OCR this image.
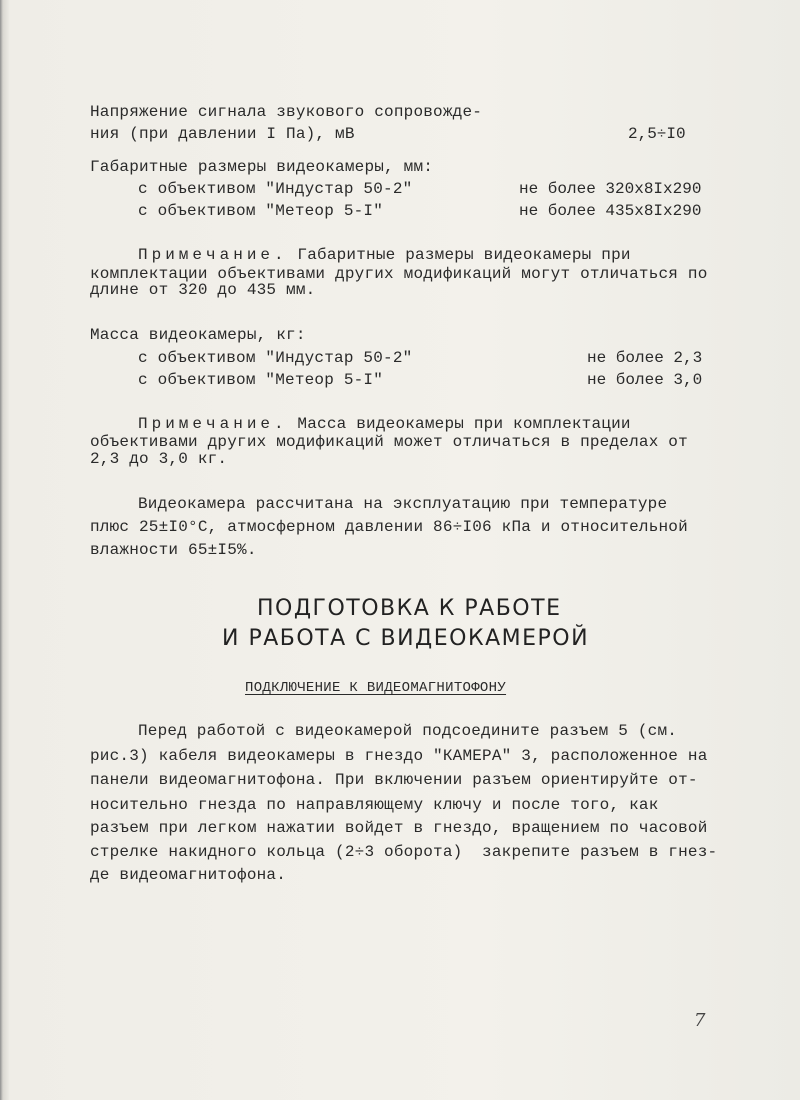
Напряжение сигнала звукового сопровожде-
ния (при давлении I Па), мВ	2,5÷I0
Габаритные размеры видеокамеры, мм:
с объективом "Индустар 50-2"	не более 320x8Ix290
с объективом "Метеор 5-I"	не более 435x8Ix290
Примечание. Габаритные размеры видеокамеры при
комплектации объективами других модификаций могут отличаться по
длине от 320 до 435 мм.
Масса видеокамеры, кг:
с объективом "Индустар 50-2"	не более 2,3
с объективом "Метеор 5-I"	не более 3,0
Примечание. Масса видеокамеры при комплектации
объективами других модификаций может отличаться в пределах от
2,3 до 3,0 кг.
Видеокамера рассчитана на эксплуатацию при температуре
плюс 25±I0°С, атмосферном давлении 86÷I06 кПа и относительной
влажности 65±I5%.
ПОДГОТОВКА К РАБОТЕ
И РАБОТА С ВИДЕОКАМЕРОЙ
ПОДКЛЮЧЕНИЕ К ВИДЕОМАГНИТОФОНУ
Перед работой с видеокамерой подсоедините разъем 5 (см.
рис.3) кабеля видеокамеры в гнездо "КАМЕРА" 3, расположенное на
панели видеомагнитофона. При включении разъем ориентируйте от-
носительно гнезда по направляющему ключу и после того, как
разъем при легком нажатии войдет в гнездо, вращением по часовой
стрелке накидного кольца (2÷3 оборота)  закрепите разъем в гнез-
де видеомагнитофона.
7
